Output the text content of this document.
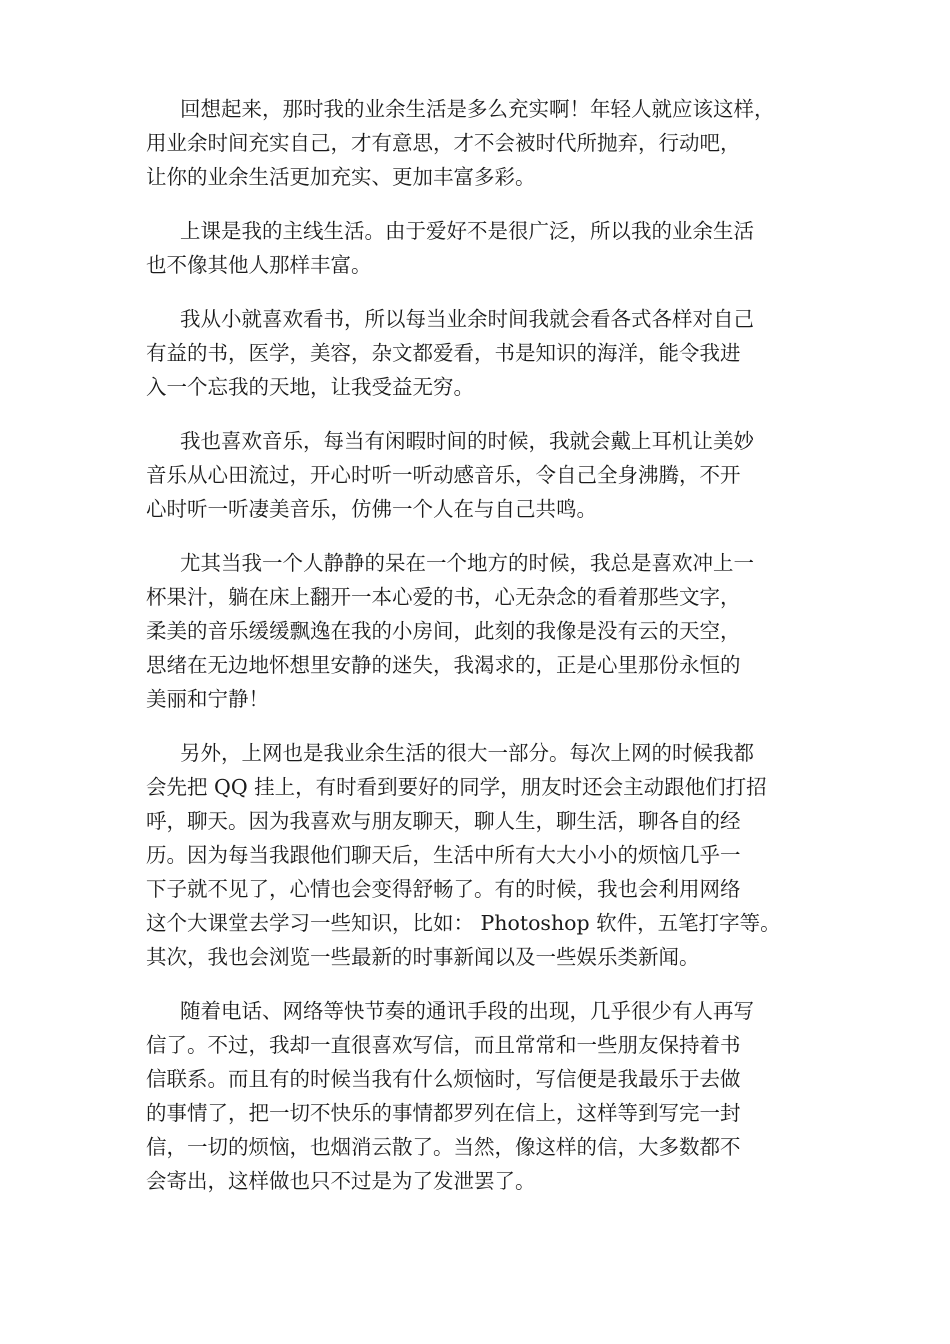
回想起来，那时我的业余生活是多么充实啊！年轻人就应该这样，
用业余时间充实自己，才有意思，才不会被时代所抛弃，行动吧，
让你的业余生活更加充实、更加丰富多彩。
上课是我的主线生活。由于爱好不是很广泛，所以我的业余生活
也不像其他人那样丰富。
我从小就喜欢看书，所以每当业余时间我就会看各式各样对自己
有益的书，医学，美容，杂文都爱看，书是知识的海洋，能令我进
入一个忘我的天地，让我受益无穷。
我也喜欢音乐，每当有闲暇时间的时候，我就会戴上耳机让美妙
音乐从心田流过，开心时听一听动感音乐，令自己全身沸腾，不开
心时听一听凄美音乐，仿佛一个人在与自己共鸣。
尤其当我一个人静静的呆在一个地方的时候，我总是喜欢冲上一
杯果汁，躺在床上翻开一本心爱的书，心无杂念的看着那些文字，
柔美的音乐缓缓飘逸在我的小房间，此刻的我像是没有云的天空，
思绪在无边地怀想里安静的迷失，我渴求的，正是心里那份永恒的
美丽和宁静！
另外，上网也是我业余生活的很大一部分。每次上网的时候我都
会先把 QQ 挂上，有时看到要好的同学，朋友时还会主动跟他们打招
呼，聊天。因为我喜欢与朋友聊天，聊人生，聊生活，聊各自的经
历。因为每当我跟他们聊天后，生活中所有大大小小的烦恼几乎一
下子就不见了，心情也会变得舒畅了。有的时候，我也会利用网络
这个大课堂去学习一些知识，比如： Photoshop 软件，五笔打字等。
其次，我也会浏览一些最新的时事新闻以及一些娱乐类新闻。
随着电话、网络等快节奏的通讯手段的出现，几乎很少有人再写
信了。不过，我却一直很喜欢写信，而且常常和一些朋友保持着书
信联系。而且有的时候当我有什么烦恼时，写信便是我最乐于去做
的事情了，把一切不快乐的事情都罗列在信上，这样等到写完一封
信，一切的烦恼，也烟消云散了。当然，像这样的信，大多数都不
会寄出，这样做也只不过是为了发泄罢了。
